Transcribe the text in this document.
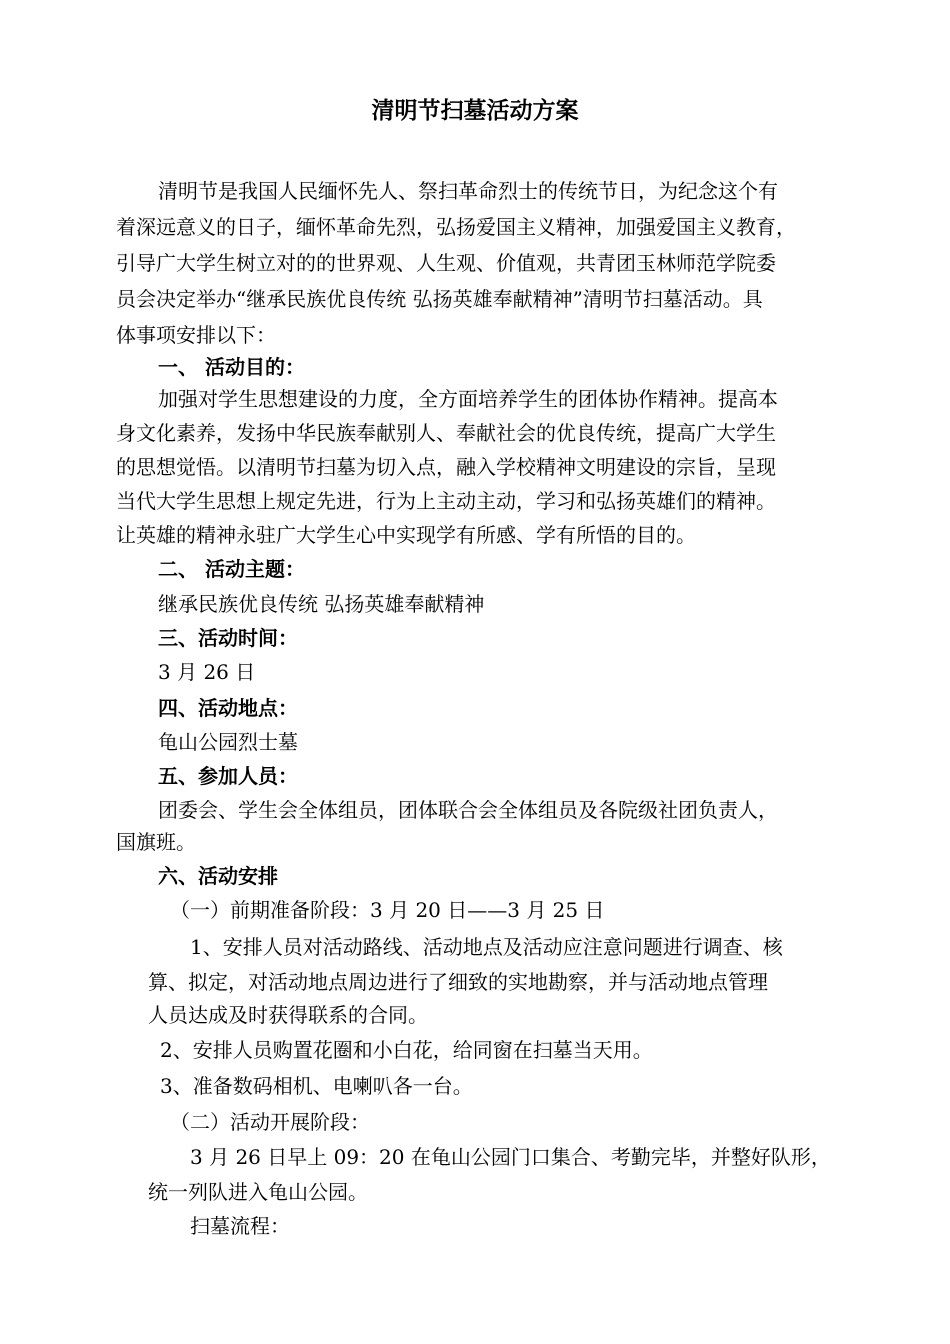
清明节扫墓活动方案
清明节是我国人民缅怀先人、祭扫革命烈士的传统节日，为纪念这个有
着深远意义的日子，缅怀革命先烈，弘扬爱国主义精神，加强爱国主义教育，
引导广大学生树立对的的世界观、人生观、价值观，共青团玉林师范学院委
员会决定举办“继承民族优良传统 弘扬英雄奉献精神”清明节扫墓活动。具
体事项安排以下：
一、 活动目的：
加强对学生思想建设的力度，全方面培养学生的团体协作精神。提高本
身文化素养，发扬中华民族奉献别人、奉献社会的优良传统，提高广大学生
的思想觉悟。以清明节扫墓为切入点，融入学校精神文明建设的宗旨，呈现
当代大学生思想上规定先进，行为上主动主动，学习和弘扬英雄们的精神。
让英雄的精神永驻广大学生心中实现学有所感、学有所悟的目的。
二、 活动主题：
继承民族优良传统 弘扬英雄奉献精神
三、活动时间：
3 月 26 日
四、活动地点：
龟山公园烈士墓
五、参加人员：
团委会、学生会全体组员，团体联合会全体组员及各院级社团负责人，
国旗班。
六、活动安排
（一）前期准备阶段：3 月 20 日——3 月 25 日
1、安排人员对活动路线、活动地点及活动应注意问题进行调查、核
算、拟定，对活动地点周边进行了细致的实地勘察，并与活动地点管理
人员达成及时获得联系的合同。
2、安排人员购置花圈和小白花，给同窗在扫墓当天用。
3、准备数码相机、电喇叭各一台。
（二）活动开展阶段：
3 月 26 日早上 09：20 在龟山公园门口集合、考勤完毕，并整好队形，
统一列队进入龟山公园。
扫墓流程：
